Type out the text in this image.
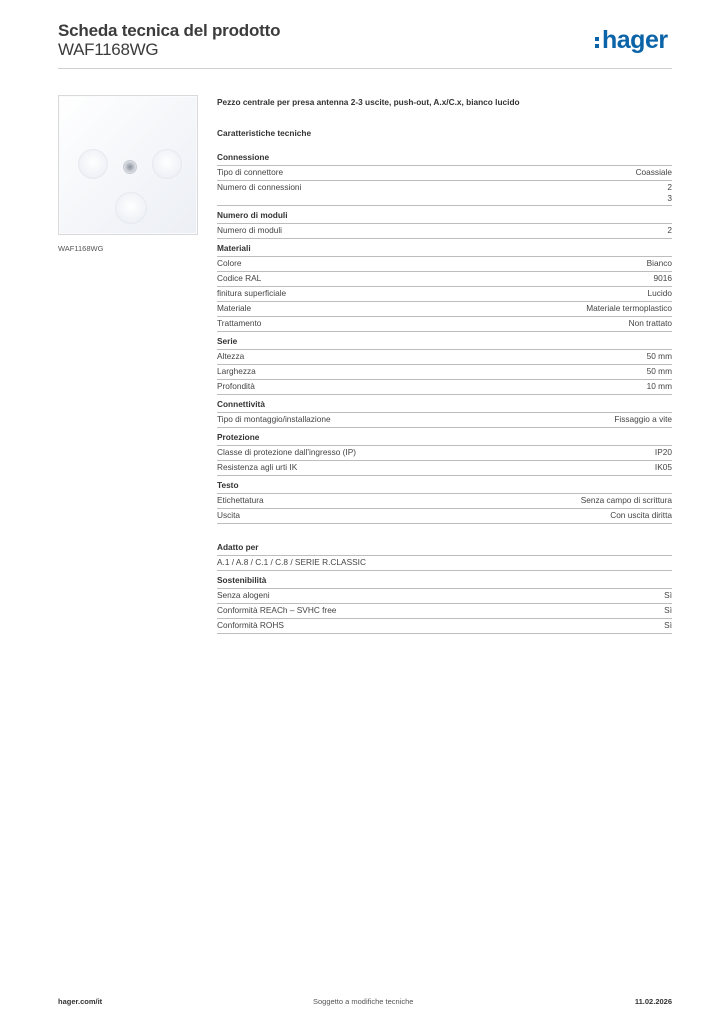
Scheda tecnica del prodotto
WAF1168WG	hager
WAF1168WG
Pezzo centrale per presa antenna 2-3 uscite, push-out, A.x/C.x, bianco lucido
Caratteristiche tecniche
Connessione
Tipo di connettore	Coassiale
Numero di connessioni	2
3
Numero di moduli
Numero di moduli	2
Materiali
Colore	Bianco
Codice RAL	9016
finitura superficiale	Lucido
Materiale	Materiale termoplastico
Trattamento	Non trattato
Serie
Altezza	50 mm
Larghezza	50 mm
Profondità	10 mm
Connettività
Tipo di montaggio/installazione	Fissaggio a vite
Protezione
Classe di protezione dall'ingresso (IP)	IP20
Resistenza agli urti IK	IK05
Testo
Etichettatura	Senza campo di scrittura
Uscita	Con uscita diritta
Adatto per
A.1 / A.8 / C.1 / C.8 / SERIE R.CLASSIC
Sostenibilità
Senza alogeni	Sì
Conformità REACh – SVHC free	Sì
Conformità ROHS	Sì
hager.com/it	Soggetto a modifiche tecniche	11.02.2026
